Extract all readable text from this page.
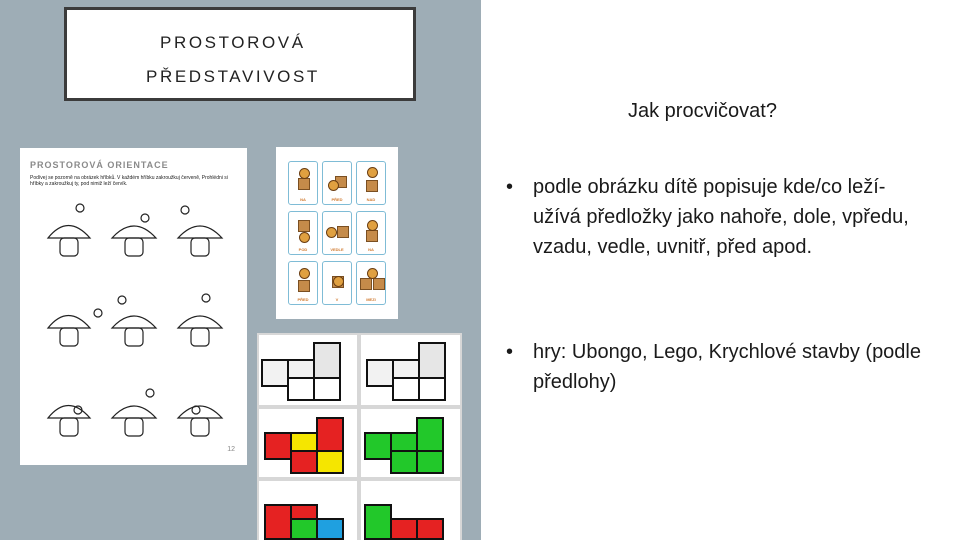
PROSTOROVÁ
PŘEDSTAVIVOST
PROSTOROVÁ ORIENTACE
Podívej se pozorně na obrázek hříbků. V každém hříbku zakroužkuj červeně, Prohlédni si hříbky a zakroužkuj ty, pod nimiž leží červík.
12
NA	PŘED	NAD
POD	VEDLE	NA
PŘED	V	MEZI
Jak procvičovat?
• podle obrázku dítě popisuje kde/co leží- užívá předložky jako nahoře, dole, vpředu, vzadu, vedle, uvnitř, před apod.
• hry: Ubongo, Lego, Krychlové stavby (podle předlohy)
